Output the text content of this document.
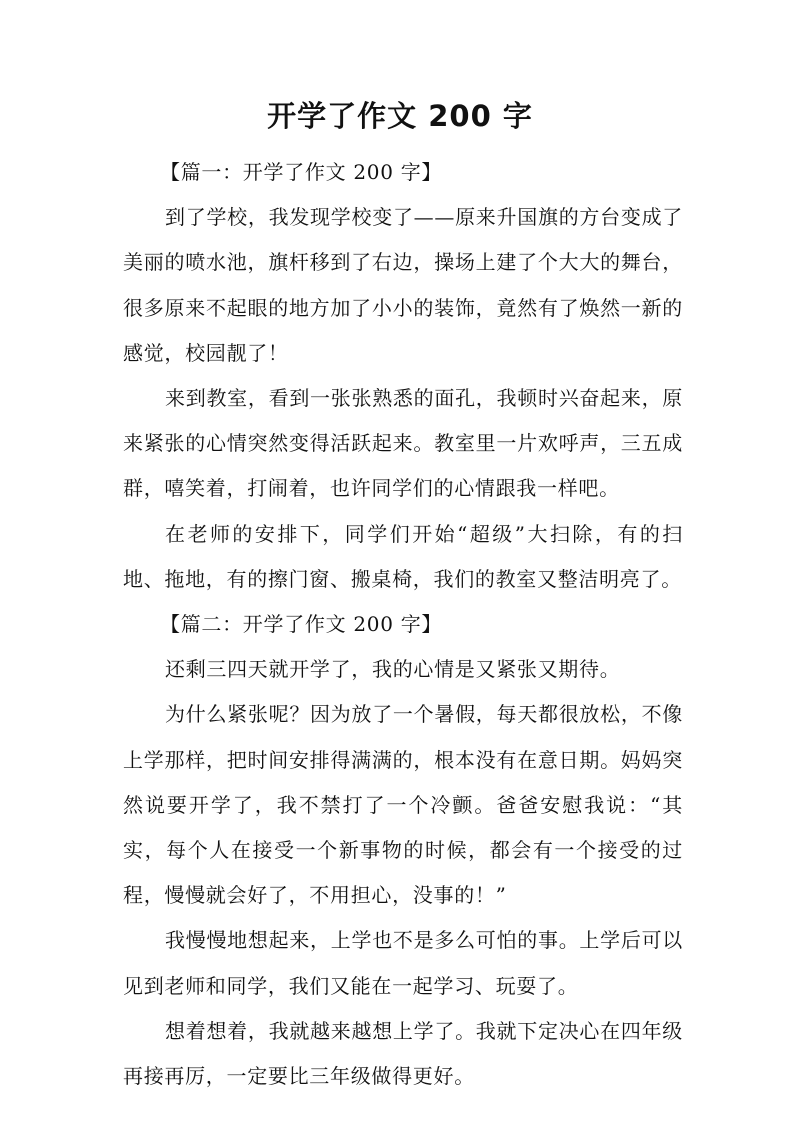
开学了作文 200 字

【篇一：开学了作文 200 字】

到了学校，我发现学校变了——原来升国旗的方台变成了美丽的喷水池，旗杆移到了右边，操场上建了个大大的舞台，很多原来不起眼的地方加了小小的装饰，竟然有了焕然一新的感觉，校园靓了！

来到教室，看到一张张熟悉的面孔，我顿时兴奋起来，原来紧张的心情突然变得活跃起来。教室里一片欢呼声，三五成群，嘻笑着，打闹着，也许同学们的心情跟我一样吧。

在老师的安排下，同学们开始“超级”大扫除，有的扫地、拖地，有的擦门窗、搬桌椅，我们的教室又整洁明亮了。

【篇二：开学了作文 200 字】

还剩三四天就开学了，我的心情是又紧张又期待。

为什么紧张呢？因为放了一个暑假，每天都很放松，不像上学那样，把时间安排得满满的，根本没有在意日期。妈妈突然说要开学了，我不禁打了一个冷颤。爸爸安慰我说：“其实，每个人在接受一个新事物的时候，都会有一个接受的过程，慢慢就会好了，不用担心，没事的！”

我慢慢地想起来，上学也不是多么可怕的事。上学后可以见到老师和同学，我们又能在一起学习、玩耍了。

想着想着，我就越来越想上学了。我就下定决心在四年级再接再厉，一定要比三年级做得更好。
